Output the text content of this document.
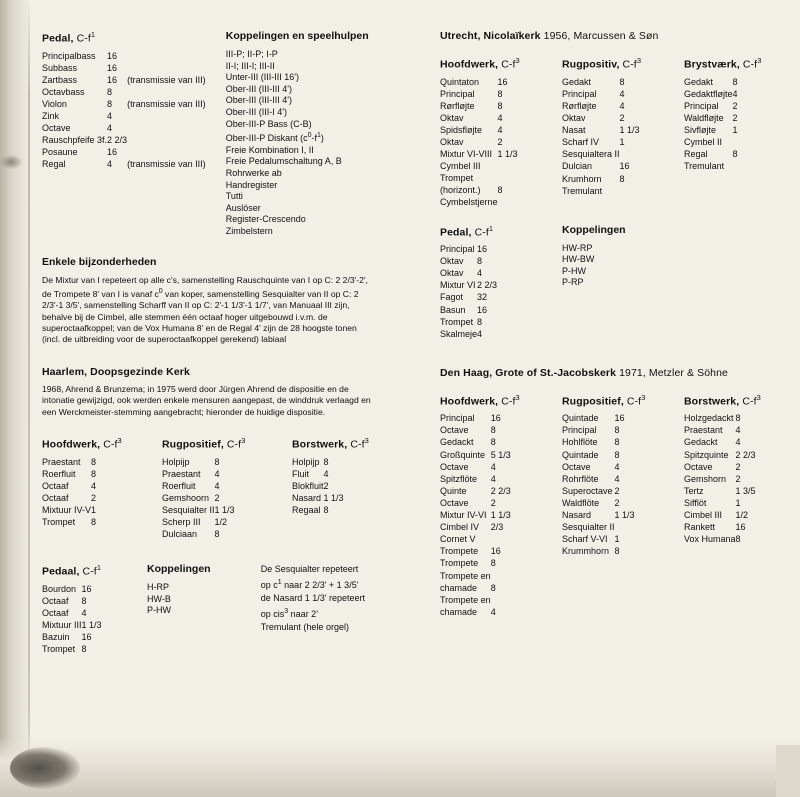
Pedal, $C-f^1$
Principalbass	16	
Subbass	16	
Zartbass	16	(transmissie van III)
Octavbass	8	
Violon	8	(transmissie van III)
Zink	4	
Octave	4	
Rauschpfeife 3f.	2 2/3	
Posaune	16	
Regal	4	(transmissie van III)
Koppelingen en speelhulpen
III-P; II-P; I-P
II-I; III-I; III-II
Unter-III (III-III 16')
Ober-III (III-III 4')
Ober-III (III-III 4')
Ober-III (III-I 4')
Ober-III-P Bass (C-B)
Ober-III-P Diskant $(c^0-f^1)$
Freie Kombination I, II
Freie Pedalumschaltung A, B
Rohrwerke ab
Handregister
Tutti
Auslöser
Register-Crescendo
Zimbelstern
Enkele bijzonderheden
De Mixtur van I repeteert op alle c's, samenstelling Rauschquinte van I op C: 2 2/3'-2', de Trompete 8' van I is vanaf $c^0$ van koper, samenstelling Sesquialter van II op C: 2 2/3'-1 3/5', samenstelling Scharff van II op C: 2'-1 1/3'-1 1/7', van Manuaal III zijn, behalve bij de Cimbel, alle stemmen één octaaf hoger uitgebouwd i.v.m. de superoctaafkoppel; van de Vox Humana 8' en de Regal 4' zijn de 28 hoogste tonen (incl. de uitbreiding voor de superoctaafkoppel gerekend) labiaal
Haarlem, Doopsgezinde Kerk
1968, Ahrend & Brunzema; in 1975 werd door Jürgen Ahrend de dispositie en de intonatie gewijzigd, ook werden enkele mensuren aangepast, de winddruk verlaagd en een Werckmeister-stemming aangebracht; hieronder de huidige dispositie.
Hoofdwerk, $C-f^3$
Praestant	8
Roerfluit	8
Octaaf	4
Octaaf	2
Mixtuur IV-V	1
Trompet	8
Rugpositief, $C-f^3$
Holpijp	8
Praestant	4
Roerfluit	4
Gemshoorn	2
Sesquialter II	1 1/3
Scherp III	1/2
Dulciaan	8
Borstwerk, $C-f^3$
Holpijp	8
Fluit	4
Blokfluit	2
Nasard	1 1/3
Regaal	8
Pedaal, $C-f^1$
Bourdon	16
Octaaf	8
Octaaf	4
Mixtuur III	1 1/3
Bazuin	16
Trompet	8
Koppelingen
H-RP
HW-B
P-HW
De Sesquialter repeteert
op $c^1$ naar 2 2/3' + 1 3/5'
de Nasard 1 1/3' repeteert
op cis$^3$ naar 2'
Tremulant (hele orgel)
Utrecht, Nicolaïkerk 1956, Marcussen & Søn
Hoofdwerk, $C-f^3$
Quintaton	16
Principal	8
Rørfløjte	8
Oktav	4
Spidsfløjte	4
Oktav	2
Mixtur VI-VIII	1 1/3
Cymbel III	
Trompet	
(horizont.)	8
Cymbelstjerne	
Rugpositiv, $C-f^3$
Gedakt	8
Principal	4
Rørfløjte	4
Oktav	2
Nasat	1 1/3
Scharf IV	1
Sesquialtera II	
Dulcian	16

Krumhorn	8
Tremulant	
Brystværk, $C-f^3$
Gedakt	8
Gedaktfløjte	4
Principal	2
Waldfløjte	2
Sivfløjte	1
Cymbel II	
Regal	8
Tremulant	
Pedal, $C-f^1$
Principal	16
Oktav	8
Oktav	4
Mixtur VI	2 2/3
Fagot	32
Basun	16
Trompet	8
Skalmeje	4
Koppelingen
HW-RP
HW-BW
P-HW
P-RP
Den Haag, Grote of St.-Jacobskerk 1971, Metzler & Söhne
Hoofdwerk, $C-f^3$
Principal	16
Octave	8
Gedackt	8
Großquinte	5 1/3
Octave	4
Spitzflöte	4
Quinte	2 2/3
Octave	2
Mixtur IV-VI	1 1/3
Cimbel IV	2/3
Cornet V	
Trompete	16
Trompete	8
Trompete en	
chamade	8
Trompete en	
chamade	4
Rugpositief, $C-f^3$
Quintade	16
Principal	8
Hohlflöte	8
Quintade	8
Octave	4
Rohrflöte	4
Superoctave	2
Waldflöte	2
Nasard	1 1/3
Sesquialter II	
Scharf V-VI	1
Krummhorn	8
Borstwerk, $C-f^3$
Holzgedackt	8
Praestant	4
Gedackt	4
Spitzquinte	2 2/3
Octave	2
Gemshorn	2
Tertz	1 3/5
Sifflöt	1
Cimbel III	1/2
Rankett	16
Vox Humana	8
